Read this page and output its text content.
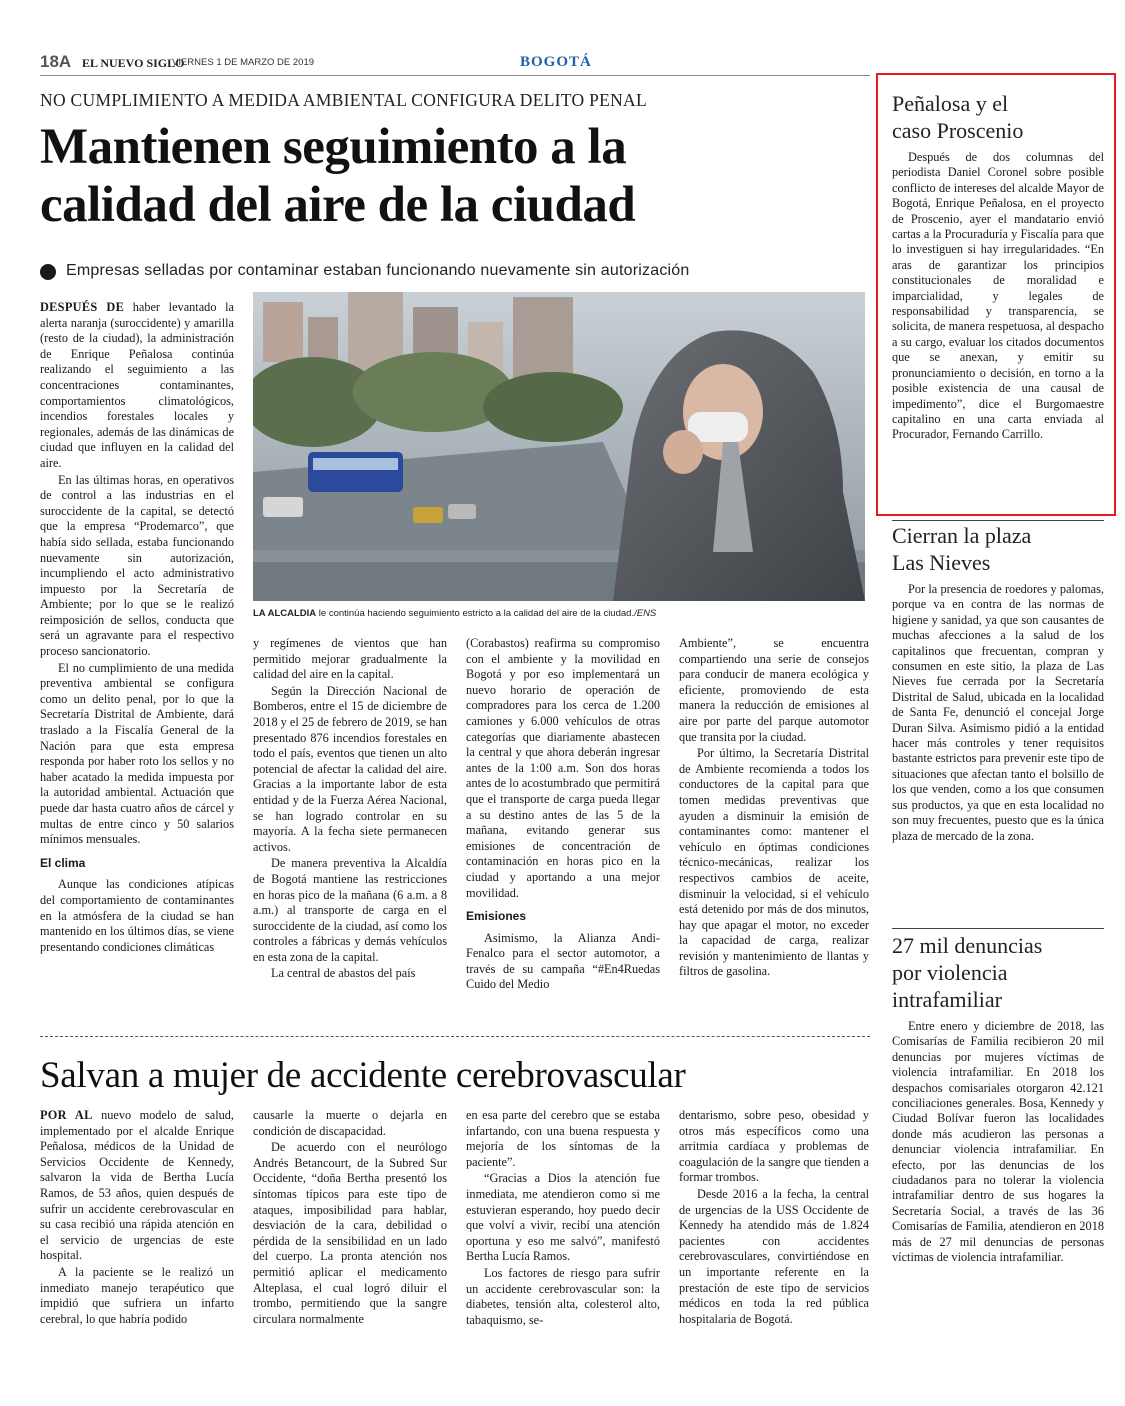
18A EL NUEVO SIGLO
VIERNES 1 DE MARZO DE 2019	BOGOTÁ
NO CUMPLIMIENTO A MEDIDA AMBIENTAL CONFIGURA DELITO PENAL
Mantienen seguimiento a la
calidad del aire de la ciudad
Empresas selladas por contaminar estaban funcionando nuevamente sin autorización

DESPUÉS DE haber levantado la alerta naranja (suroccidente) y amarilla (resto de la ciudad), la administración de Enrique Peñalosa continúa realizando el seguimiento a las concentraciones contaminantes, comportamientos climatológicos, incendios forestales locales y regionales, además de las dinámicas de ciudad que influyen en la calidad del aire.

En las últimas horas, en operativos de control a las industrias en el suroccidente de la capital, se detectó que la empresa “Prodemarco”, que había sido sellada, estaba funcionando nuevamente sin autorización, incumpliendo el acto administrativo impuesto por la Secretaría de Ambiente; por lo que se le realizó reimposición de sellos, conducta que será un agravante para el respectivo proceso sancionatorio.

El no cumplimiento de una medida preventiva ambiental se configura como un delito penal, por lo que la Secretaría Distrital de Ambiente, dará traslado a la Fiscalía General de la Nación para que esta empresa responda por haber roto los sellos y no haber acatado la medida impuesta por la autoridad ambiental. Actuación que puede dar hasta cuatro años de cárcel y multas de entre cinco y 50 salarios mínimos mensuales.

El clima

Aunque las condiciones atípicas del comportamiento de contaminantes en la atmósfera de la ciudad se han mantenido en los últimos días, se viene presentando condiciones climáticas

LA ALCALDIA le continúa haciendo seguimiento estricto a la calidad del aire de la ciudad./ENS

y regímenes de vientos que han permitido mejorar gradualmente la calidad del aire en la capital.

Según la Dirección Nacional de Bomberos, entre el 15 de diciembre de 2018 y el 25 de febrero de 2019, se han presentado 876 incendios forestales en todo el país, eventos que tienen un alto potencial de afectar la calidad del aire. Gracias a la importante labor de esta entidad y de la Fuerza Aérea Nacional, se han logrado controlar en su mayoría. A la fecha siete permanecen activos.

De manera preventiva la Alcaldía de Bogotá mantiene las restricciones en horas pico de la mañana (6 a.m. a 8 a.m.) al transporte de carga en el suroccidente de la ciudad, así como los controles a fábricas y demás vehículos en esta zona de la capital.

La central de abastos del país

(Corabastos) reafirma su compromiso con el ambiente y la movilidad en Bogotá y por eso implementará un nuevo horario de operación de compradores para los cerca de 1.200 camiones y 6.000 vehículos de otras categorías que diariamente abastecen la central y que ahora deberán ingresar antes de la 1:00 a.m. Son dos horas antes de lo acostumbrado que permitirá que el transporte de carga pueda llegar a su destino antes de las 5 de la mañana, evitando generar sus emisiones de concentración de contaminación en horas pico en la ciudad y aportando a una mejor movilidad.

Emisiones

Asimismo, la Alianza Andi-Fenalco para el sector automotor, a través de su campaña “#En4Ruedas Cuido del Medio

Ambiente”, se encuentra compartiendo una serie de consejos para conducir de manera ecológica y eficiente, promoviendo de esta manera la reducción de emisiones al aire por parte del parque automotor que transita por la ciudad.

Por último, la Secretaría Distrital de Ambiente recomienda a todos los conductores de la capital para que tomen medidas preventivas que ayuden a disminuir la emisión de contaminantes como: mantener el vehículo en óptimas condiciones técnico-mecánicas, realizar los respectivos cambios de aceite, disminuir la velocidad, si el vehículo está detenido por más de dos minutos, hay que apagar el motor, no exceder la capacidad de carga, realizar revisión y mantenimiento de llantas y filtros de gasolina.

Salvan a mujer de accidente cerebrovascular

POR AL nuevo modelo de salud, implementado por el alcalde Enrique Peñalosa, médicos de la Unidad de Servicios Occidente de Kennedy, salvaron la vida de Bertha Lucía Ramos, de 53 años, quien después de sufrir un accidente cerebrovascular en su casa recibió una rápida atención en el servicio de urgencias de este hospital.

A la paciente se le realizó un inmediato manejo terapéutico que impidió que sufriera un infarto cerebral, lo que habría podido

causarle la muerte o dejarla en condición de discapacidad.

De acuerdo con el neurólogo Andrés Betancourt, de la Subred Sur Occidente, “doña Bertha presentó los síntomas típicos para este tipo de ataques, imposibilidad para hablar, desviación de la cara, debilidad o pérdida de la sensibilidad en un lado del cuerpo. La pronta atención nos permitió aplicar el medicamento Alteplasa, el cual logró diluir el trombo, permitiendo que la sangre circulara normalmente

en esa parte del cerebro que se estaba infartando, con una buena respuesta y mejoría de los síntomas de la paciente”.

“Gracias a Dios la atención fue inmediata, me atendieron como si me estuvieran esperando, hoy puedo decir que volví a vivir, recibí una atención oportuna y eso me salvó”, manifestó Bertha Lucía Ramos.

Los factores de riesgo para sufrir un accidente cerebrovascular son: la diabetes, tensión alta, colesterol alto, tabaquismo, se-

dentarismo, sobre peso, obesidad y otros más específicos como una arritmia cardíaca y problemas de coagulación de la sangre que tienden a formar trombos.

Desde 2016 a la fecha, la central de urgencias de la USS Occidente de Kennedy ha atendido más de 1.824 pacientes con accidentes cerebrovasculares, convirtiéndose en un importante referente en la prestación de este tipo de servicios médicos en toda la red pública hospitalaria de Bogotá.

Peñalosa y el
caso Proscenio

Después de dos columnas del periodista Daniel Coronel sobre posible conflicto de intereses del alcalde Mayor de Bogotá, Enrique Peñalosa, en el proyecto de Proscenio, ayer el mandatario envió cartas a la Procuraduría y Fiscalía para que lo investiguen si hay irregularidades. “En aras de garantizar los principios constitucionales de moralidad e imparcialidad, y legales de responsabilidad y transparencia, se solicita, de manera respetuosa, al despacho a su cargo, evaluar los citados documentos que se anexan, y emitir su pronunciamiento o decisión, en torno a la posible existencia de una causal de impedimento”, dice el Burgomaestre capitalino en una carta enviada al Procurador, Fernando Carrillo.

Cierran la plaza
Las Nieves

Por la presencia de roedores y palomas, porque va en contra de las normas de higiene y sanidad, ya que son causantes de muchas afecciones a la salud de los capitalinos que frecuentan, compran y consumen en este sitio, la plaza de Las Nieves fue cerrada por la Secretaría Distrital de Salud, ubicada en la localidad de Santa Fe, denunció el concejal Jorge Duran Silva. Asimismo pidió a la entidad hacer más controles y tener requisitos bastante estrictos para prevenir este tipo de situaciones que afectan tanto el bolsillo de los que venden, como a los que consumen sus productos, ya que en esta localidad no son muy frecuentes, puesto que es la única plaza de mercado de la zona.

27 mil denuncias
por violencia
intrafamiliar

Entre enero y diciembre de 2018, las Comisarías de Familia recibieron 20 mil denuncias por mujeres víctimas de violencia intrafamiliar. En 2018 los despachos comisariales otorgaron 42.121 conciliaciones generales. Bosa, Kennedy y Ciudad Bolívar fueron las localidades donde más acudieron las personas a denunciar violencia intrafamiliar. En efecto, por las denuncias de los ciudadanos para no tolerar la violencia intrafamiliar dentro de sus hogares la Secretaría Social, a través de las 36 Comisarías de Familia, atendieron en 2018 más de 27 mil denuncias de personas víctimas de violencia intrafamiliar.
